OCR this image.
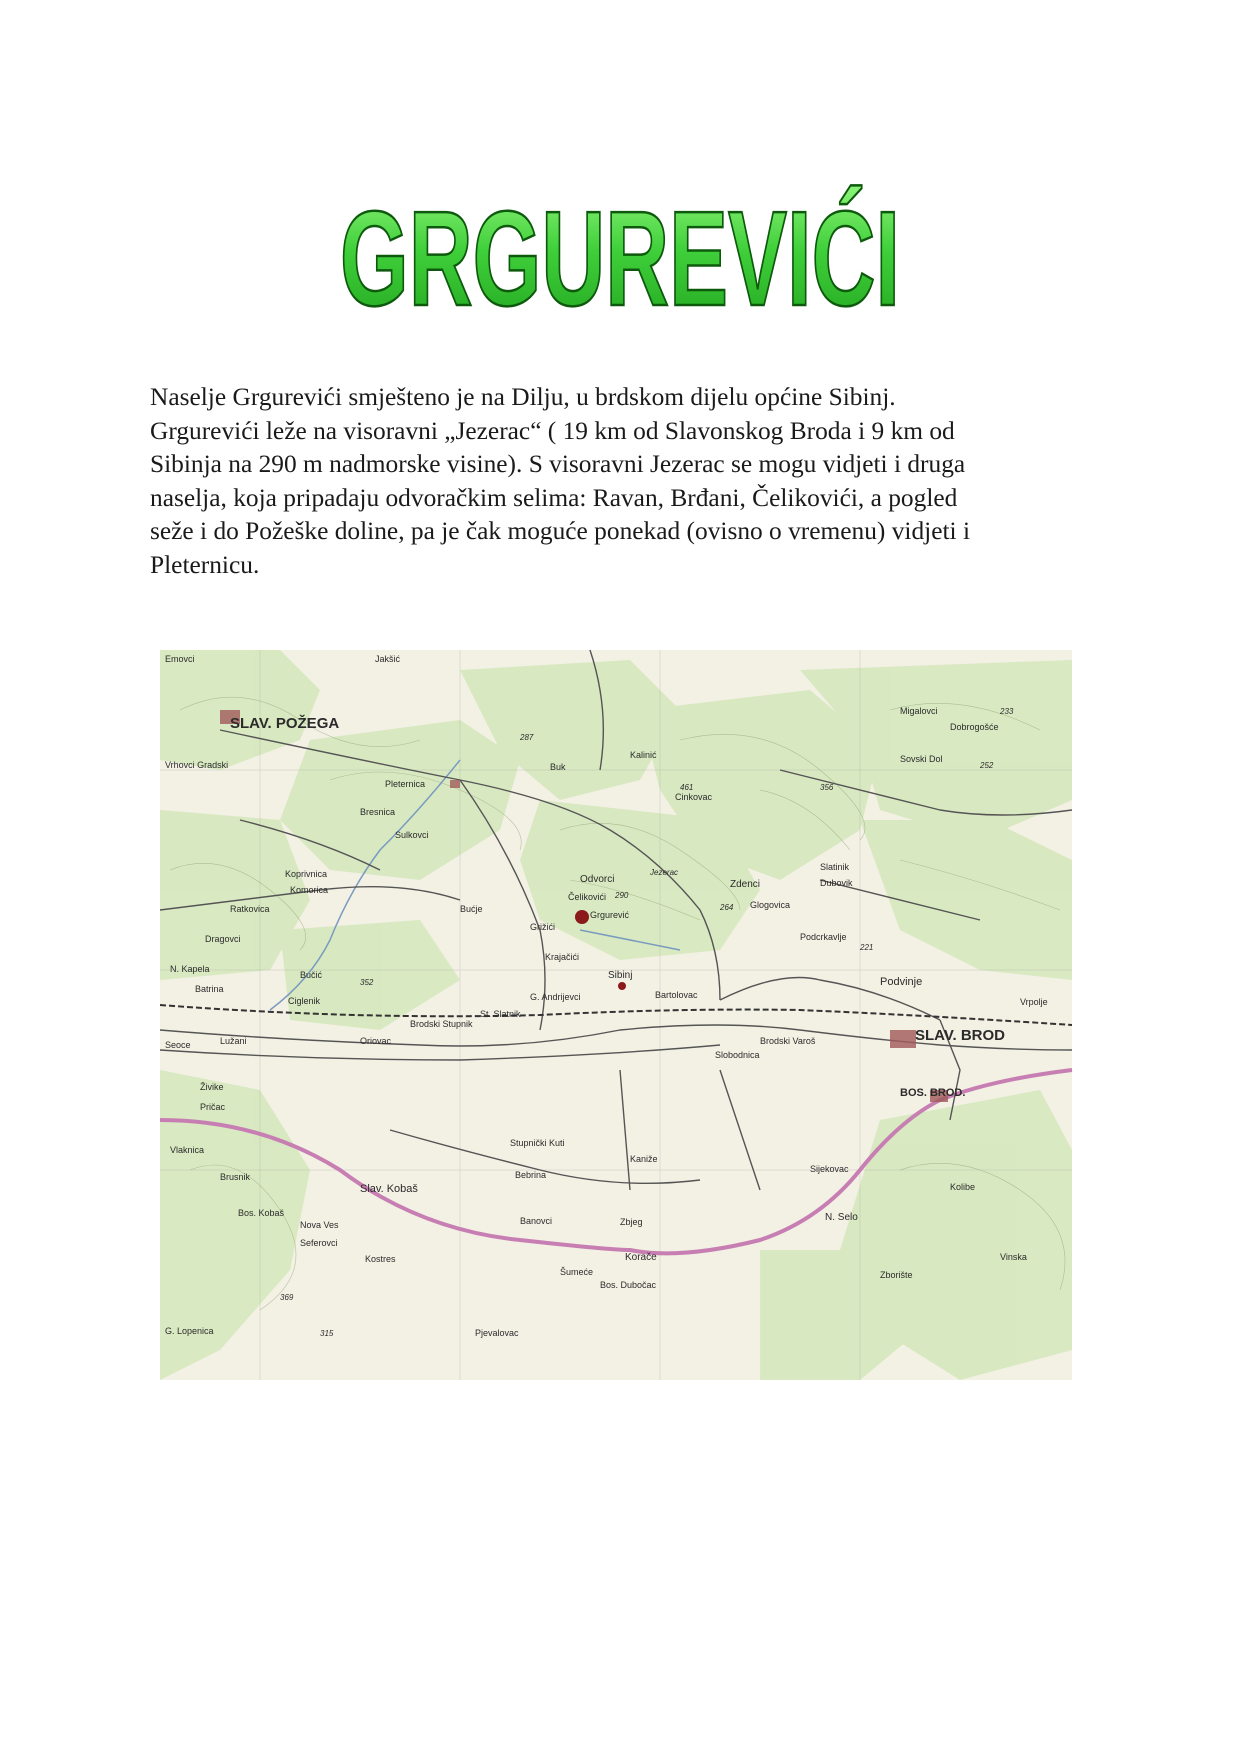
GRGUREVIĆI
Naselje Grgurevići smješteno je na Dilju, u brdskom dijelu općine Sibinj.
Grgurevići leže na visoravni „Jezerac“ ( 19 km od Slavonskog Broda i 9 km od
Sibinja na 290 m nadmorske visine). S visoravni Jezerac se mogu vidjeti i druga
naselja, koja pripadaju odvoračkim selima: Ravan, Brđani, Čelikovići, a pogled
seže i do Požeške doline, pa je čak moguće ponekad (ovisno o vremenu) vidjeti i
Pleternicu.
SLAV. POŽEGA
SLAV. BROD
BOS. BROD.
Pleternica
Sibinj
Grgurević
Odvorci
Čelikovići
Zdenci
Podvinje
Slav. Kobaš
Bos. Kobaš
Oriovac
Brodski Stupnik
St. Slatnik
G. Andrijevci	Bartolovac
Stupnički Kuti
Bebrina
Banovci
Korače
Zbjeg
Šumeće
Bos. Dubočac
N. Selo
Kolibe
Sijekovac
Vrpolje
Lužani
Seoce
Batrina
N. Kapela
Dragovci
Ratkovica
Komorica
Koprivnica
Buk
Kalinić
Cinkovac
Dubovik
Slatinik
Glogovica
Podcrkavlje
Bresnica
Sulkovci
Vrhovci Gradski
Emovci	Jakšić
Migalovci
Dobrogošće
Sovski Dol
Bućje
Grižići
Krajačići
Ciglenik
Bučić
Brodski Varoš
Slobodnica
Kaniže
Brusnik
Nova Ves
Kostres
Pjevalovac
Živike
Pričac
Vlaknica
G. Lopenica
Seferovci
Vinska
Zborište
Jezerac
290
352
233
252
356
264
221
369
315
461
287
